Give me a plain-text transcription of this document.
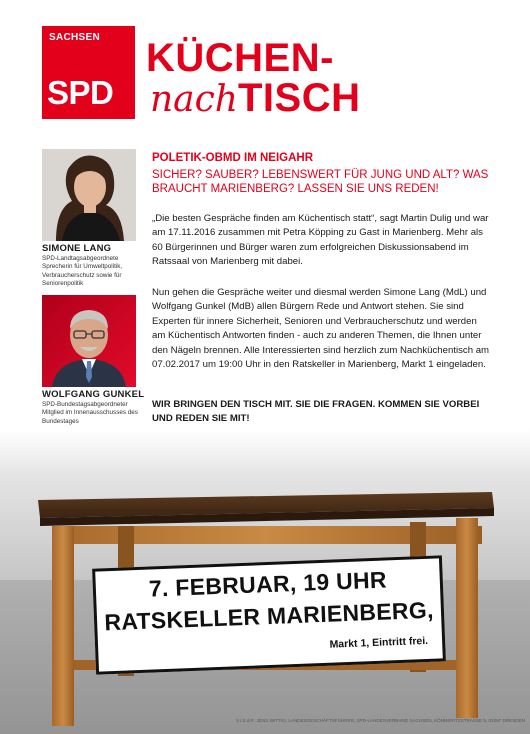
SACHSEN
SPD
KÜCHEN-
nachTISCH
SIMONE LANG
SPD-Landtagsabgeordnete Sprecherin für Umweltpolitik, Verbraucherschutz sowie für Seniorenpolitik
WOLFGANG GUNKEL
SPD-Bundestagsabgeordneter Mitglied im Innenausschusses des Bundestages
POLETIK-OBMD IM NEIGAHR
SICHER? SAUBER? LEBENSWERT FÜR JUNG UND ALT? WAS BRAUCHT MARIENBERG? LASSEN SIE UNS REDEN!
„Die besten Gespräche finden am Küchentisch statt“, sagt Martin Dulig und war am 17.11.2016 zusammen mit Petra Köpping zu Gast in Marienberg. Mehr als 60 Bürgerinnen und Bürger waren zum erfolgreichen Diskussionsabend im Ratssaal von Marienberg mit dabei.
Nun gehen die Gespräche weiter und diesmal werden Simone Lang (MdL) und Wolfgang Gunkel (MdB) allen Bürgern Rede und Antwort stehen. Sie sind Experten für innere Sicherheit, Senioren und Verbraucherschutz und werden am Küchentisch Antworten finden - auch zu anderen Themen, die Ihnen unter den Nägeln brennen. Alle Interessierten sind herzlich zum Nachküchentisch am 07.02.2017 um 19:00 Uhr in den Ratskeller in Marienberg, Markt 1 eingeladen.
WIR BRINGEN DEN TISCH MIT. SIE DIE FRAGEN. KOMMEN SIE VORBEI UND REDEN SIE MIT!
7. FEBRUAR, 19 UHR
RATSKELLER MARIENBERG,
Markt 1, Eintritt frei.
V.i.S.d.P.: JENS WITTIG, LANDESGESCHÄFTSFÜHRER, SPD-LANDESVERBAND SACHSEN, KÖNNERITZSTRASSE 5, 01067 DRESDEN
